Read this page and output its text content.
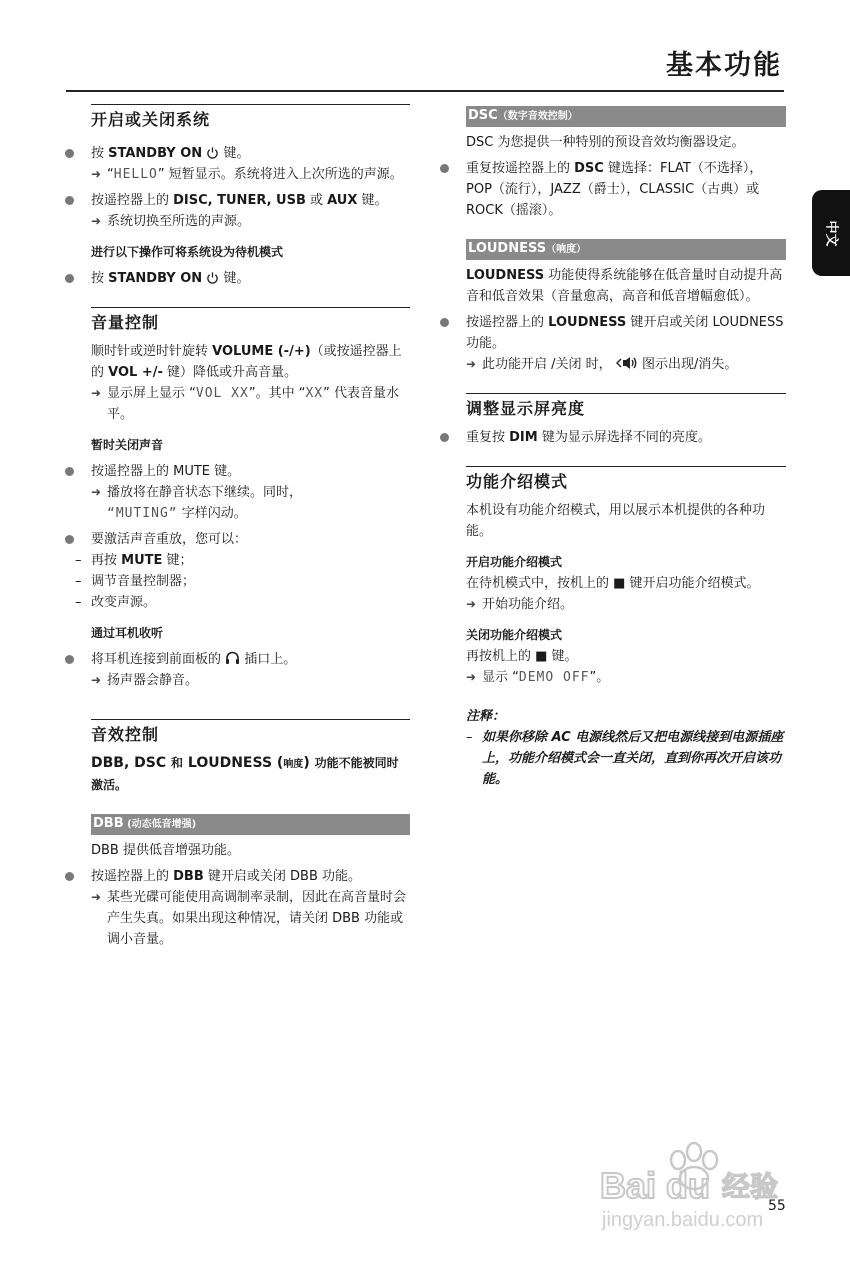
基本功能
中文
开启或关闭系统
按 STANDBY ON  键。
➜ “HELLO” 短暂显示。系统将进入上次所选的声源。
按遥控器上的 DISC, TUNER, USB 或 AUX 键。
➜ 系统切换至所选的声源。
进行以下操作可将系统设为待机模式
按 STANDBY ON  键。
音量控制
顺时针或逆时针旋转 VOLUME (-/+)（或按遥控器上的 VOL +/- 键）降低或升高音量。
➜ 显示屏上显示 “VOL XX”。其中 “XX” 代表音量水平。
暂时关闭声音
按遥控器上的 MUTE 键。
➜ 播放将在静音状态下继续。同时，
“MUTING” 字样闪动。
要激活声音重放，您可以：
– 再按 MUTE 键；
– 调节音量控制器；
– 改变声源。
通过耳机收听
将耳机连接到前面板的  插口上。
➜ 扬声器会静音。
音效控制
DBB, DSC 和 LOUDNESS (响度) 功能不能被同时激活。
DBB (动态低音增强)
DBB 提供低音增强功能。
按遥控器上的 DBB 键开启或关闭 DBB 功能。
➜ 某些光碟可能使用高调制率录制，因此在高音量时会产生失真。如果出现这种情况，请关闭 DBB 功能或调小音量。
DSC（数字音效控制）
DSC 为您提供一种特别的预设音效均衡器设定。
重复按遥控器上的 DSC 键选择：FLAT（不选择），POP（流行），JAZZ（爵士），CLASSIC（古典）或 ROCK（摇滚）。
LOUDNESS（响度）
LOUDNESS 功能使得系统能够在低音量时自动提升高音和低音效果（音量愈高，高音和低音增幅愈低）。
按遥控器上的 LOUDNESS 键开启或关闭 LOUDNESS 功能。
➜ 此功能开启 /关闭 时，  图示出现/消失。
调整显示屏亮度
重复按 DIM 键为显示屏选择不同的亮度。
功能介绍模式
本机设有功能介绍模式，用以展示本机提供的各种功能。
开启功能介绍模式
在待机模式中，按机上的 ■ 键开启功能介绍模式。
➜ 开始功能介绍。
关闭功能介绍模式
再按机上的 ■ 键。
➜ 显示 “DEMO OFF”。
注释：
– 如果你移除 AC 电源线然后又把电源线接到电源插座上，功能介绍模式会一直关闭，直到你再次开启该功能。
Bai du 经验
jingyan.baidu.com
55
